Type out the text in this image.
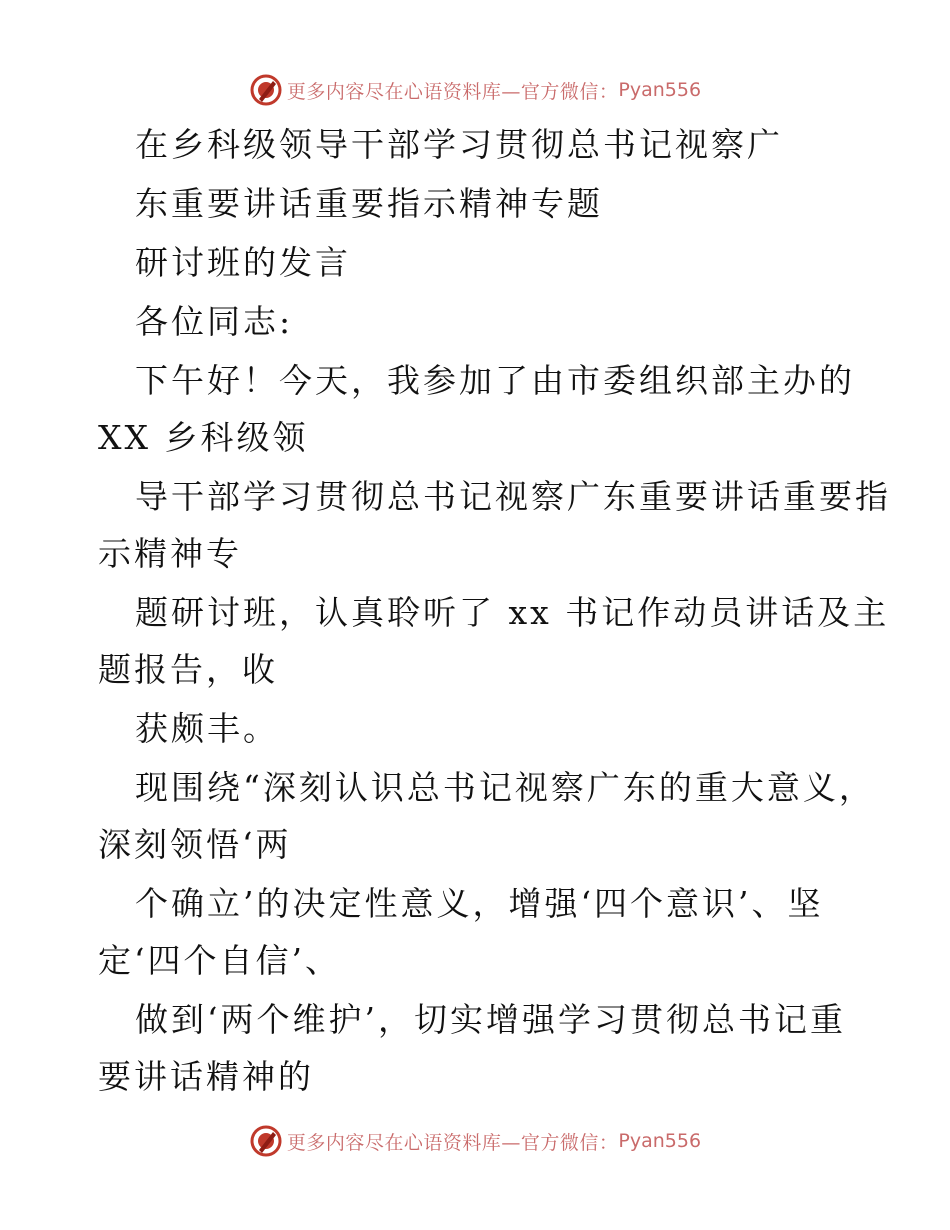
更多内容尽在心语资料库—官方微信： Pyan556
在乡科级领导干部学习贯彻总书记视察广
东重要讲话重要指示精神专题
研讨班的发言
各位同志:
下午好！今天，我参加了由市委组织部主办的
XX 乡科级领
导干部学习贯彻总书记视察广东重要讲话重要指
示精神专
题研讨班，认真聆听了 xx 书记作动员讲话及主
题报告，收
获颇丰。
现围绕“深刻认识总书记视察广东的重大意义，
深刻领悟‘两
个确立’的决定性意义，增强‘四个意识’、坚
定‘四个自信’、
做到‘两个维护’，切实增强学习贯彻总书记重
要讲话精神的
更多内容尽在心语资料库—官方微信： Pyan556
